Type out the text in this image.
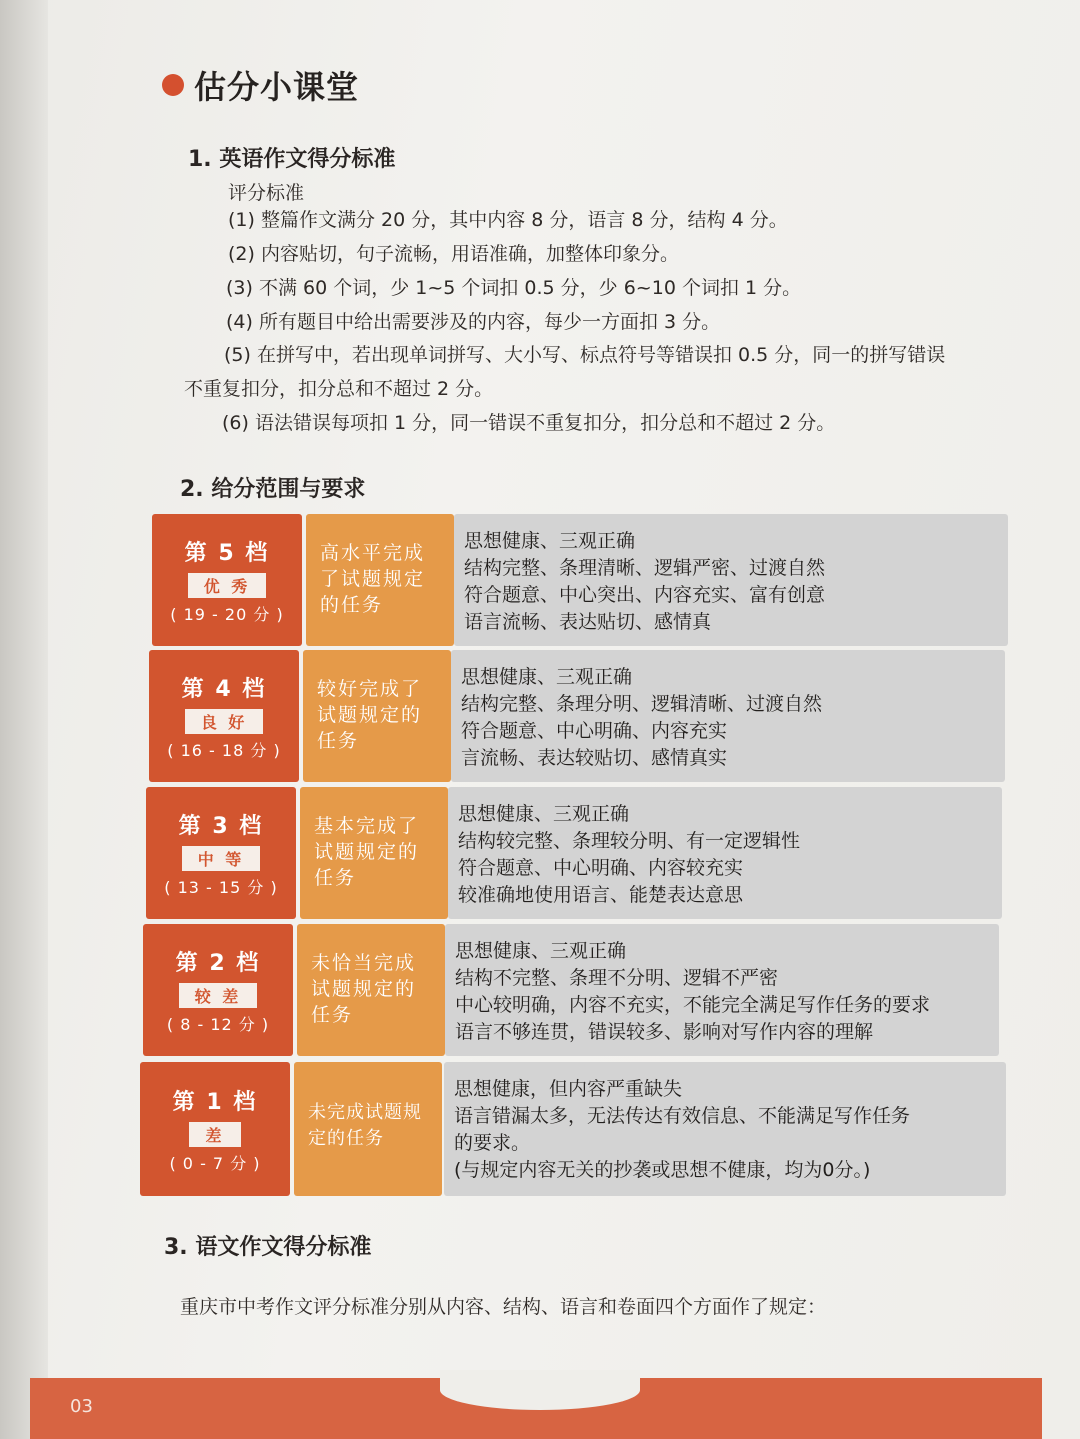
估分小课堂
1. 英语作文得分标准
评分标准
(1) 整篇作文满分 20 分，其中内容 8 分，语言 8 分，结构 4 分。
(2) 内容贴切，句子流畅，用语准确，加整体印象分。
(3) 不满 60 个词，少 1~5 个词扣 0.5 分，少 6~10 个词扣 1 分。
(4) 所有题目中给出需要涉及的内容，每少一方面扣 3 分。
(5) 在拼写中，若出现单词拼写、大小写、标点符号等错误扣 0.5 分，同一的拼写错误
不重复扣分，扣分总和不超过 2 分。
(6) 语法错误每项扣 1 分，同一错误不重复扣分，扣分总和不超过 2 分。
2. 给分范围与要求
第 5 档
优 秀
( 19 - 20 分 )
高水平完成了试题规定的任务
思想健康、三观正确
结构完整、条理清晰、逻辑严密、过渡自然
符合题意、中心突出、内容充实、富有创意
语言流畅、表达贴切、感情真
第 4 档
良 好
( 16 - 18 分 )
较好完成了试题规定的任务
思想健康、三观正确
结构完整、条理分明、逻辑清晰、过渡自然
符合题意、中心明确、内容充实
言流畅、表达较贴切、感情真实
第 3 档
中 等
( 13 - 15 分 )
基本完成了试题规定的任务
思想健康、三观正确
结构较完整、条理较分明、有一定逻辑性
符合题意、中心明确、内容较充实
较准确地使用语言、能楚表达意思
第 2 档
较 差
( 8 - 12 分 )
未恰当完成试题规定的任务
思想健康、三观正确
结构不完整、条理不分明、逻辑不严密
中心较明确，内容不充实，不能完全满足写作任务的要求
语言不够连贯，错误较多、影响对写作内容的理解
第 1 档
差
( 0 - 7 分 )
未完成试题规定的任务
思想健康，但内容严重缺失
语言错漏太多，无法传达有效信息、不能满足写作任务
的要求。
(与规定内容无关的抄袭或思想不健康，均为0分。)
3. 语文作文得分标准
重庆市中考作文评分标准分别从内容、结构、语言和卷面四个方面作了规定：
03
